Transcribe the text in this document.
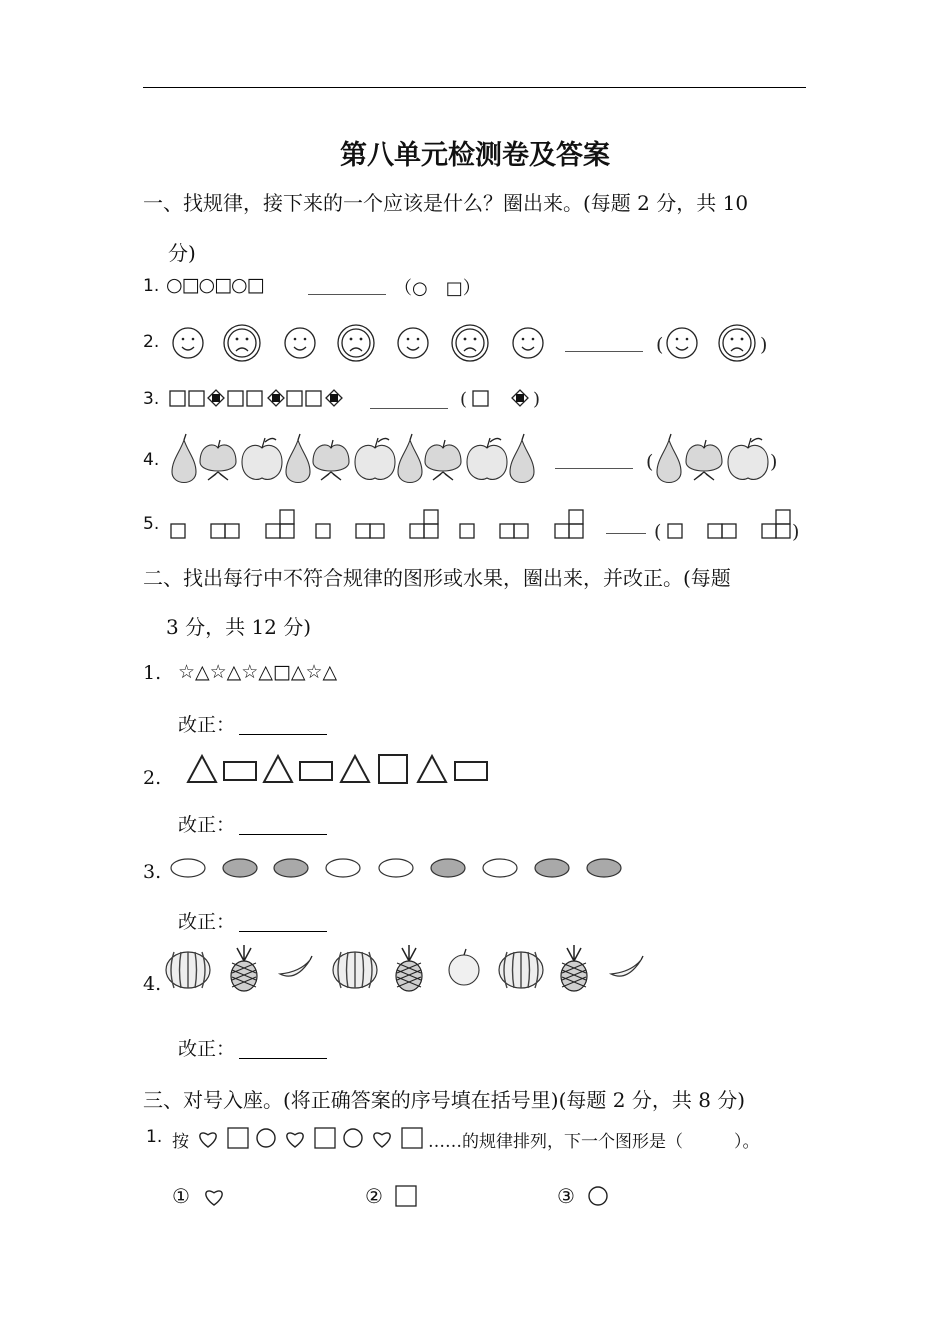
第八单元检测卷及答案
一、找规律，接下来的一个应该是什么？圈出来。(每题 2 分，共 10
分)
1. ○□○□○□	（○　□）
2.	(	)
(	)
(	)
(	)
3.
4.
5.
二、找出每行中不符合规律的图形或水果，圈出来，并改正。(每题
3 分，共 12 分)
1. ☆△☆△☆△□△☆△
改正：
2.
改正：
3.
改正：
4.
改正：
三、对号入座。(将正确答案的序号填在括号里)(每题 2 分，共 8 分)
1. 按	……的规律排列，下一个图形是（　　　）。
①	②	③
